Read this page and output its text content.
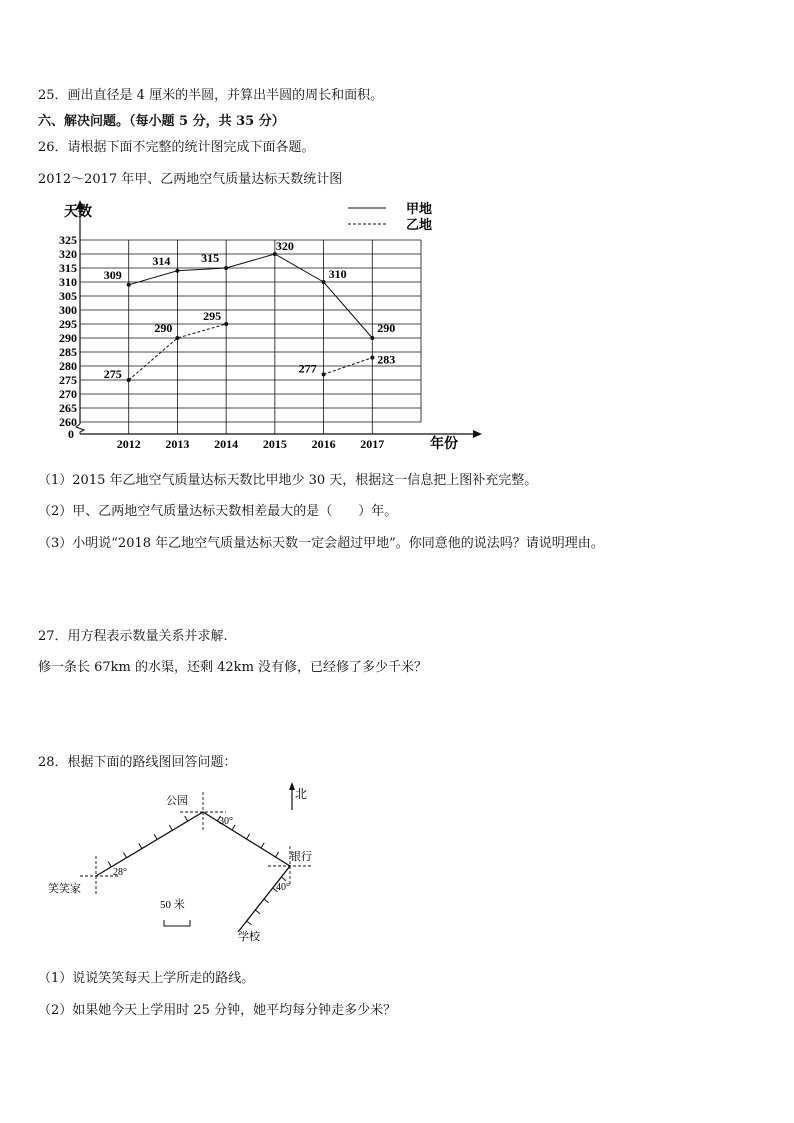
25．画出直径是 4 厘米的半圆，并算出半圆的周长和面积。
六、解决问题。（每小题 5 分，共 35 分）
26．请根据下面不完整的统计图完成下面各题。
2012～2017 年甲、乙两地空气质量达标天数统计图
260
265
270
275
280
285
290
295
300
305
310
315
320
325
0
天数
2012 2013 2014 2015 2016 2017	年份
甲地
乙地
309
314	315
320
310
290
275
290
295
277
283
（1）2015 年乙地空气质量达标天数比甲地少 30 天，根据这一信息把上图补充完整。
（2）甲、乙两地空气质量达标天数相差最大的是（　　）年。
（3）小明说“2018 年乙地空气质量达标天数一定会超过甲地”。你同意他的说法吗？请说明理由。
27．用方程表示数量关系并求解.
修一条长 67km 的水渠，还剩 42km 没有修，已经修了多少千米？
28．根据下面的路线图回答问题：
北
公园
30°
银行
40°
笑笑家
28°
学校
50 米
（1）说说笑笑每天上学所走的路线。
（2）如果她今天上学用时 25 分钟，她平均每分钟走多少米？
